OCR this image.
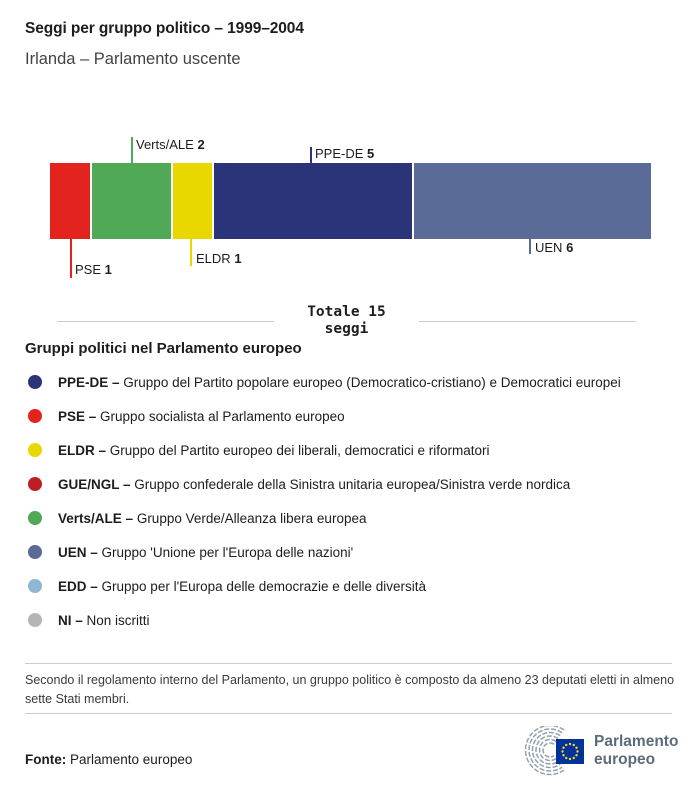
Seggi per gruppo politico – 1999–2004
Irlanda – Parlamento uscente
Verts/ALE 2
PPE-DE 5
UEN 6
ELDR 1
PSE 1
Totale 15 seggi
Gruppi politici nel Parlamento europeo
PPE-DE – Gruppo del Partito popolare europeo (Democratico-cristiano) e Democratici europei
PSE – Gruppo socialista al Parlamento europeo
ELDR – Gruppo del Partito europeo dei liberali, democratici e riformatori
GUE/NGL – Gruppo confederale della Sinistra unitaria europea/Sinistra verde nordica
Verts/ALE – Gruppo Verde/Alleanza libera europea
UEN – Gruppo 'Unione per l'Europa delle nazioni'
EDD – Gruppo per l'Europa delle democrazie e delle diversità
NI – Non iscritti
Secondo il regolamento interno del Parlamento, un gruppo politico è composto da almeno 23 deputati eletti in almeno sette Stati membri.
Fonte: Parlamento europeo
Parlamento
europeo
